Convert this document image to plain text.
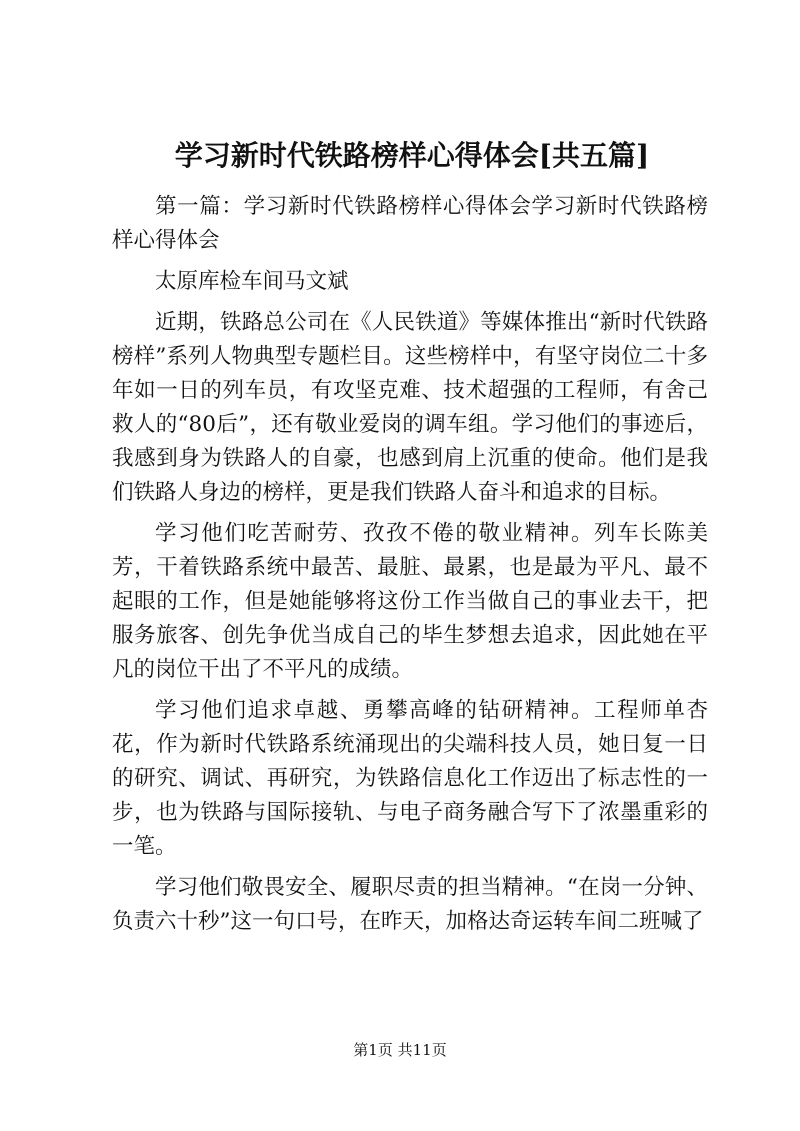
学习新时代铁路榜样心得体会[共五篇]

第一篇：学习新时代铁路榜样心得体会学习新时代铁路榜样心得体会

太原库检车间马文斌

近期，铁路总公司在《人民铁道》等媒体推出“新时代铁路榜样”系列人物典型专题栏目。这些榜样中，有坚守岗位二十多年如一日的列车员，有攻坚克难、技术超强的工程师，有舍己救人的“80后”，还有敬业爱岗的调车组。学习他们的事迹后，我感到身为铁路人的自豪，也感到肩上沉重的使命。他们是我们铁路人身边的榜样，更是我们铁路人奋斗和追求的目标。

学习他们吃苦耐劳、孜孜不倦的敬业精神。列车长陈美芳，干着铁路系统中最苦、最脏、最累，也是最为平凡、最不起眼的工作，但是她能够将这份工作当做自己的事业去干，把服务旅客、创先争优当成自己的毕生梦想去追求，因此她在平凡的岗位干出了不平凡的成绩。

学习他们追求卓越、勇攀高峰的钻研精神。工程师单杏花，作为新时代铁路系统涌现出的尖端科技人员，她日复一日的研究、调试、再研究，为铁路信息化工作迈出了标志性的一步，也为铁路与国际接轨、与电子商务融合写下了浓墨重彩的一笔。

学习他们敬畏安全、履职尽责的担当精神。“在岗一分钟、负责六十秒”这一句口号，在昨天，加格达奇运转车间二班喊了

第1页 共11页
